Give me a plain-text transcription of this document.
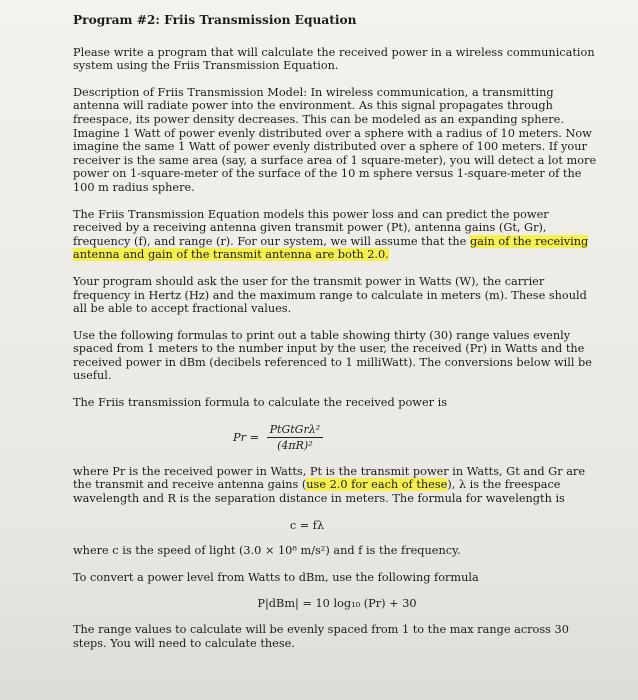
Program #2: Friis Transmission Equation

Please write a program that will calculate the received power in a wireless communication system using the Friis Transmission Equation.

Description of Friis Transmission Model: In wireless communication, a transmitting antenna will radiate power into the environment. As this signal propagates through freespace, its power density decreases. This can be modeled as an expanding sphere. Imagine 1 Watt of power evenly distributed over a sphere with a radius of 10 meters. Now imagine the same 1 Watt of power evenly distributed over a sphere of 100 meters. If your receiver is the same area (say, a surface area of 1 square-meter), you will detect a lot more power on 1-square-meter of the surface of the 10 m sphere versus 1-square-meter of the 100 m radius sphere.

The Friis Transmission Equation models this power loss and can predict the power received by a receiving antenna given transmit power (Pt), antenna gains (Gt, Gr), frequency (f), and range (r). For our system, we will assume that the gain of the receiving antenna and gain of the transmit antenna are both 2.0.

Your program should ask the user for the transmit power in Watts (W), the carrier frequency in Hertz (Hz) and the maximum range to calculate in meters (m). These should all be able to accept fractional values.

Use the following formulas to print out a table showing thirty (30) range values evenly spaced from 1 meters to the number input by the user, the received (Pr) in Watts and the received power in dBm (decibels referenced to 1 milliWatt). The conversions below will be useful.

The Friis transmission formula to calculate the received power is

$Pr = \frac{\text{PtGtGrλ²}}{\text{(4πR)²}}$

where Pr is the received power in Watts, Pt is the transmit power in Watts, Gt and Gr are the transmit and receive antenna gains (use 2.0 for each of these), λ is the freespace wavelength and R is the separation distance in meters. The formula for wavelength is

c = fλ

where c is the speed of light (3.0 × 10⁸ m/s²) and f is the frequency.

To convert a power level from Watts to dBm, use the following formula

P|dBm| = 10 log₁₀ (Pr) + 30

The range values to calculate will be evenly spaced from 1 to the max range across 30 steps. You will need to calculate these.
